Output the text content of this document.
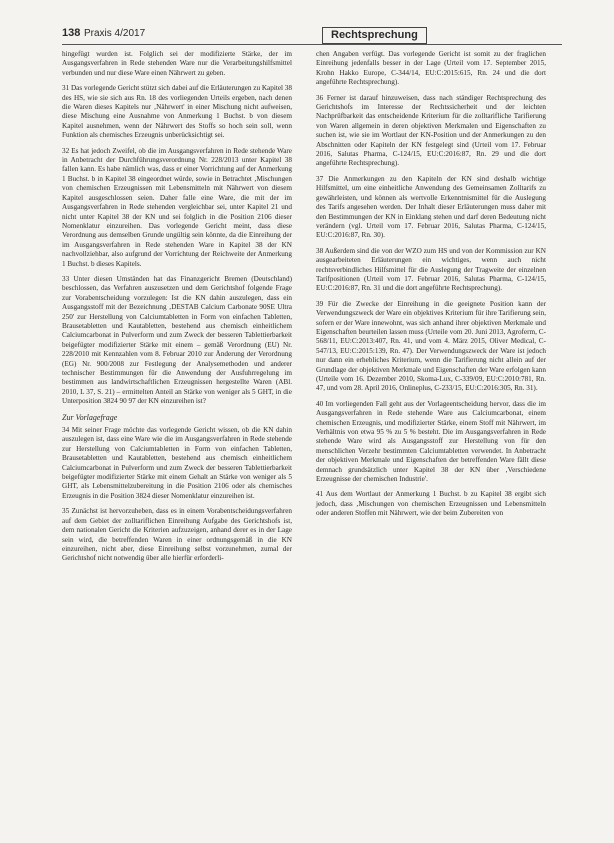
138 Praxis 4/2017	Rechtsprechung

hingefügt wurden ist. Folglich sei der modifizierte Stärke, der im Ausgangsverfahren in Rede stehenden Ware nur die Verarbeitungshilfsmittel verbunden und nur diese Ware einen Nährwert zu geben.

31 Das vorlegende Gericht stützt sich dabei auf die Erläuterungen zu Kapitel 38 des HS, wie sie sich aus Rn. 18 des vorliegenden Urteils ergeben, nach denen die Waren dieses Kapitels nur ‚Nährwert' in einer Mischung nicht aufweisen, diese Mischung eine Ausnahme von Anmerkung 1 Buchst. b von diesem Kapitel ausnehmen, wenn der Nährwert des Stoffs so hoch sein soll, wenn Funktion als chemisches Erzeugnis unberücksichtigt sei.

32 Es hat jedoch Zweifel, ob die im Ausgangsverfahren in Rede stehende Ware in Anbetracht der Durchführungsverordnung Nr. 228/2013 unter Kapitel 38 fallen kann. Es habe nämlich was, dass er einer Vorrichtung auf der Anmerkung 1 Buchst. b in Kapitel 38 eingeordnet würde, sowie in Betrachtet ‚Mischungen von chemischen Erzeugnissen mit Lebensmitteln mit Nährwert von diesem Kapitel ausgeschlossen seien. Daher falle eine Ware, die mit der im Ausgangsverfahren in Rede stehenden vergleichbar sei, unter Kapitel 21 und nicht unter Kapitel 38 der KN und sei folglich in die Position 2106 dieser Nomenklatur einzureihen. Das vorlegende Gericht meint, dass diese Verordnung aus demselben Grunde ungültig sein könnte, da die Einreihung der im Ausgangsverfahren in Rede stehenden Ware in Kapitel 38 der KN nachvollziehbar, also aufgrund der Vorrichtung der Reichweite der Anmerkung 1 Buchst. b dieses Kapitels.

33 Unter diesen Umständen hat das Finanzgericht Bremen (Deutschland) beschlossen, das Verfahren auszusetzen und dem Gerichtshof folgende Frage zur Vorabentscheidung vorzulegen: Ist die KN dahin auszulegen, dass ein Ausgangsstoff mit der Bezeichnung ‚DESTAB Calcium Carbonate 90SE Ultra 250' zur Herstellung von Calciumtabletten in Form von einfachen Tabletten, Brausetabletten und Kautabletten, bestehend aus chemisch einheitlichem Calciumcarbonat in Pulverform und zum Zweck der besseren Tablettierbarkeit beigefügter modifizierter Stärke mit einem – gemäß Verordnung (EU) Nr. 228/2010 mit Kennzahlen vom 8. Februar 2010 zur Änderung der Verordnung (EG) Nr. 900/2008 zur Festlegung der Analysemethoden und anderer technischer Bestimmungen für die Anwendung der Ausfuhrregelung im bestimmen aus landwirtschaftlichen Erzeugnissen hergestellte Waren (ABl. 2010, L 37, S. 21) – ermittelten Anteil an Stärke von weniger als 5 GHT, in die Unterposition 3824 90 97 der KN einzureihen ist?

Zur Vorlagefrage

34 Mit seiner Frage möchte das vorlegende Gericht wissen, ob die KN dahin auszulegen ist, dass eine Ware wie die im Ausgangsverfahren in Rede stehende zur Herstellung von Calciumtabletten in Form von einfachen Tabletten, Brausetabletten und Kautabletten, bestehend aus chemisch einheitlichem Calciumcarbonat in Pulverform und zum Zweck der besseren Tablettierbarkeit beigefügter modifizierter Stärke mit einem Gehalt an Stärke von weniger als 5 GHT, als Lebensmittelzubereitung in die Position 2106 oder als chemisches Erzeugnis in die Position 3824 dieser Nomenklatur einzureihen ist.

35 Zunächst ist hervorzuheben, dass es in einem Vorabentscheidungsverfahren auf dem Gebiet der zolltariflichen Einreihung Aufgabe des Gerichtshofs ist, dem nationalen Gericht die Kriterien aufzuzeigen, anhand derer es in der Lage sein wird, die betreffenden Waren in einer ordnungsgemäß in die KN einzureihen, nicht aber, diese Einreihung selbst vorzunehmen, zumal der Gerichtshof nicht notwendig über alle hierfür erforderli-

chen Angaben verfügt. Das vorlegende Gericht ist somit zu der fraglichen Einreihung jedenfalls besser in der Lage (Urteil vom 17. September 2015, Krohn Hakko Europe, C-344/14, EU:C:2015:615, Rn. 24 und die dort angeführte Rechtsprechung).

36 Ferner ist darauf hinzuweisen, dass nach ständiger Rechtsprechung des Gerichtshofs im Interesse der Rechtssicherheit und der leichten Nachprüfbarkeit das entscheidende Kriterium für die zolltarifliche Tarifierung von Waren allgemein in deren objektiven Merkmalen und Eigenschaften zu suchen ist, wie sie im Wortlaut der KN-Position und der Anmerkungen zu den Abschnitten oder Kapiteln der KN festgelegt sind (Urteil vom 17. Februar 2016, Salutas Pharma, C-124/15, EU:C:2016:87, Rn. 29 und die dort angeführte Rechtsprechung).

37 Die Anmerkungen zu den Kapiteln der KN sind deshalb wichtige Hilfsmittel, um eine einheitliche Anwendung des Gemeinsamen Zolltarifs zu gewährleisten, und können als wertvolle Erkenntnismittel für die Auslegung des Tarifs angesehen werden. Der Inhalt dieser Erläuterungen muss daher mit den Bestimmungen der KN in Einklang stehen und darf deren Bedeutung nicht verändern (vgl. Urteil vom 17. Februar 2016, Salutas Pharma, C-124/15, EU:C:2016:87, Rn. 30).

38 Außerdem sind die von der WZO zum HS und von der Kommission zur KN ausgearbeiteten Erläuterungen ein wichtiges, wenn auch nicht rechtsverbindliches Hilfsmittel für die Auslegung der Tragweite der einzelnen Tarifpositionen (Urteil vom 17. Februar 2016, Salutas Pharma, C-124/15, EU:C:2016:87, Rn. 31 und die dort angeführte Rechtsprechung).

39 Für die Zwecke der Einreihung in die geeignete Position kann der Verwendungszweck der Ware ein objektives Kriterium für ihre Tarifierung sein, sofern er der Ware innewohnt, was sich anhand ihrer objektiven Merkmale und Eigenschaften beurteilen lassen muss (Urteile vom 20. Juni 2013, Agroferm, C-568/11, EU:C:2013:407, Rn. 41, und vom 4. März 2015, Oliver Medical, C-547/13, EU:C:2015:139, Rn. 47). Der Verwendungszweck der Ware ist jedoch nur dann ein erhebliches Kriterium, wenn die Tarifierung nicht allein auf der Grundlage der objektiven Merkmale und Eigenschaften der Ware erfolgen kann (Urteile vom 16. Dezember 2010, Skoma-Lux, C-339/09, EU:C:2010:781, Rn. 47, und vom 28. April 2016, Onlineplus, C-233/15, EU:C:2016:305, Rn. 31).

40 Im vorliegenden Fall geht aus der Vorlageentscheidung hervor, dass die im Ausgangsverfahren in Rede stehende Ware aus Calciumcarbonat, einem chemischen Erzeugnis, und modifizierter Stärke, einem Stoff mit Nährwert, im Verhältnis von etwa 95 % zu 5 % besteht. Die im Ausgangsverfahren in Rede stehende Ware wird als Ausgangsstoff zur Herstellung von für den menschlichen Verzehr bestimmten Calciumtabletten verwendet. In Anbetracht der objektiven Merkmale und Eigenschaften der betreffenden Ware fällt diese demnach grundsätzlich unter Kapitel 38 der KN über ‚Verschiedene Erzeugnisse der chemischen Industrie'.

41 Aus dem Wortlaut der Anmerkung 1 Buchst. b zu Kapitel 38 ergibt sich jedoch, dass ‚Mischungen von chemischen Erzeugnissen und Lebensmitteln oder anderen Stoffen mit Nährwert, wie der beim Zubereiten von
